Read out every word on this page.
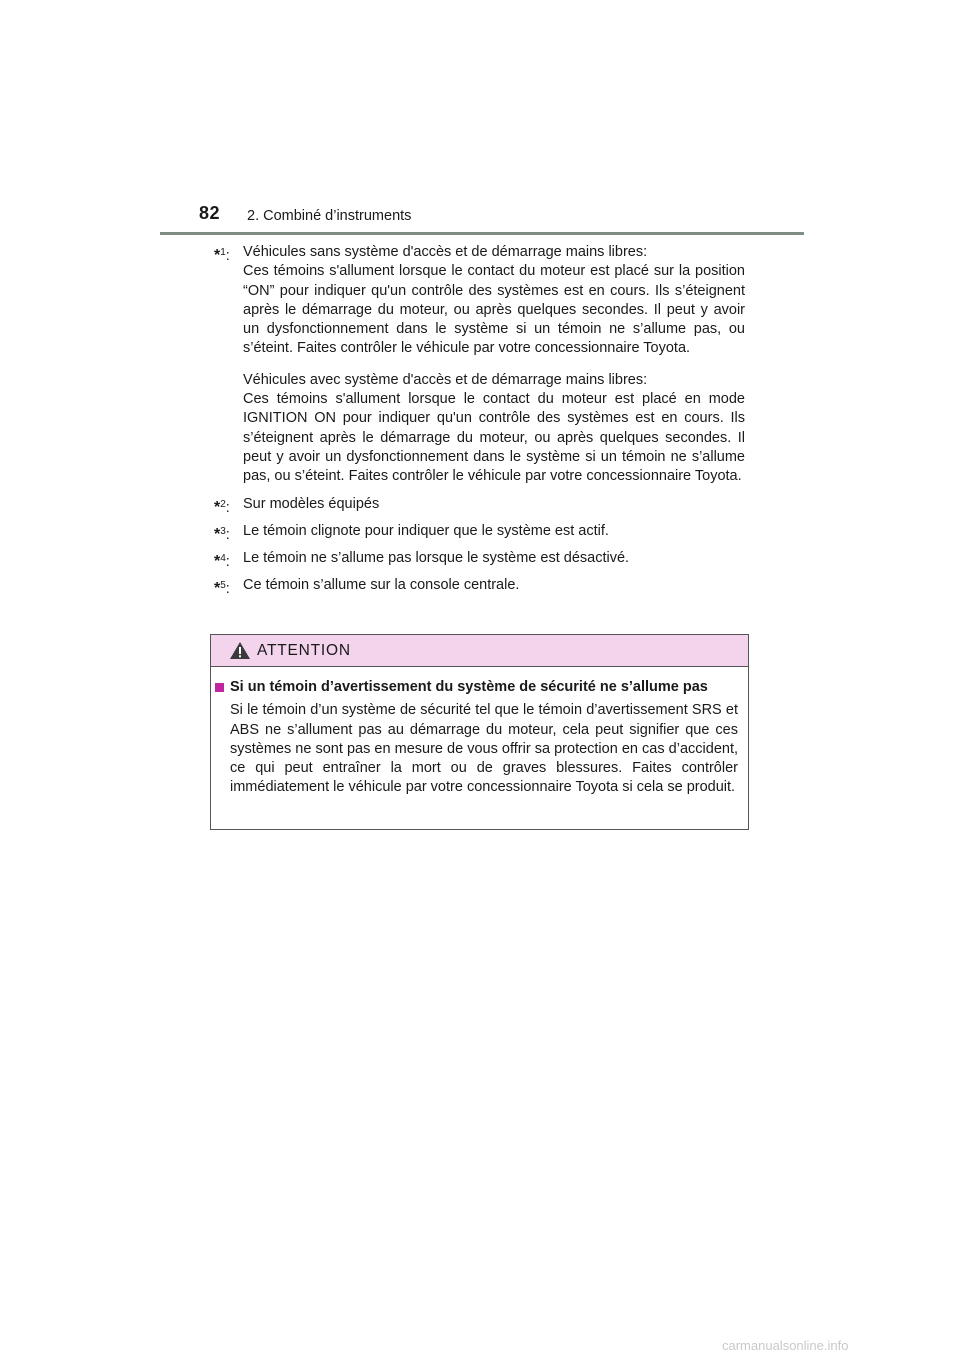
82 2. Combiné d’instruments
*$^1$: Véhicules sans système d'accès et de démarrage mains libres:

Ces témoins s'allument lorsque le contact du moteur est placé sur la position “ON” pour indiquer qu'un contrôle des systèmes est en cours. Ils s’éteignent après le démarrage du moteur, ou après quelques secondes. Il peut y avoir un dysfonctionnement dans le système si un témoin ne s’allume pas, ou s’éteint. Faites contrôler le véhicule par votre concessionnaire Toyota.

Véhicules avec système d'accès et de démarrage mains libres:

Ces témoins s'allument lorsque le contact du moteur est placé en mode IGNITION ON pour indiquer qu'un contrôle des systèmes est en cours. Ils s’éteignent après le démarrage du moteur, ou après quelques secondes. Il peut y avoir un dysfonctionnement dans le système si un témoin ne s’allume pas, ou s’éteint. Faites contrôler le véhicule par votre concessionnaire Toyota.

*$^2$: Sur modèles équipés

*$^3$: Le témoin clignote pour indiquer que le système est actif.

*$^4$: Le témoin ne s’allume pas lorsque le système est désactivé.

*$^5$: Ce témoin s’allume sur la console centrale.

ATTENTION
Si un témoin d’avertissement du système de sécurité ne s’allume pas

Si le témoin d’un système de sécurité tel que le témoin d’avertissement SRS et ABS ne s’allument pas au démarrage du moteur, cela peut signifier que ces systèmes ne sont pas en mesure de vous offrir sa protection en cas d’accident, ce qui peut entraîner la mort ou de graves blessures. Faites contrôler immédiatement le véhicule par votre concessionnaire Toyota si cela se produit.

carmanualsonline.info
